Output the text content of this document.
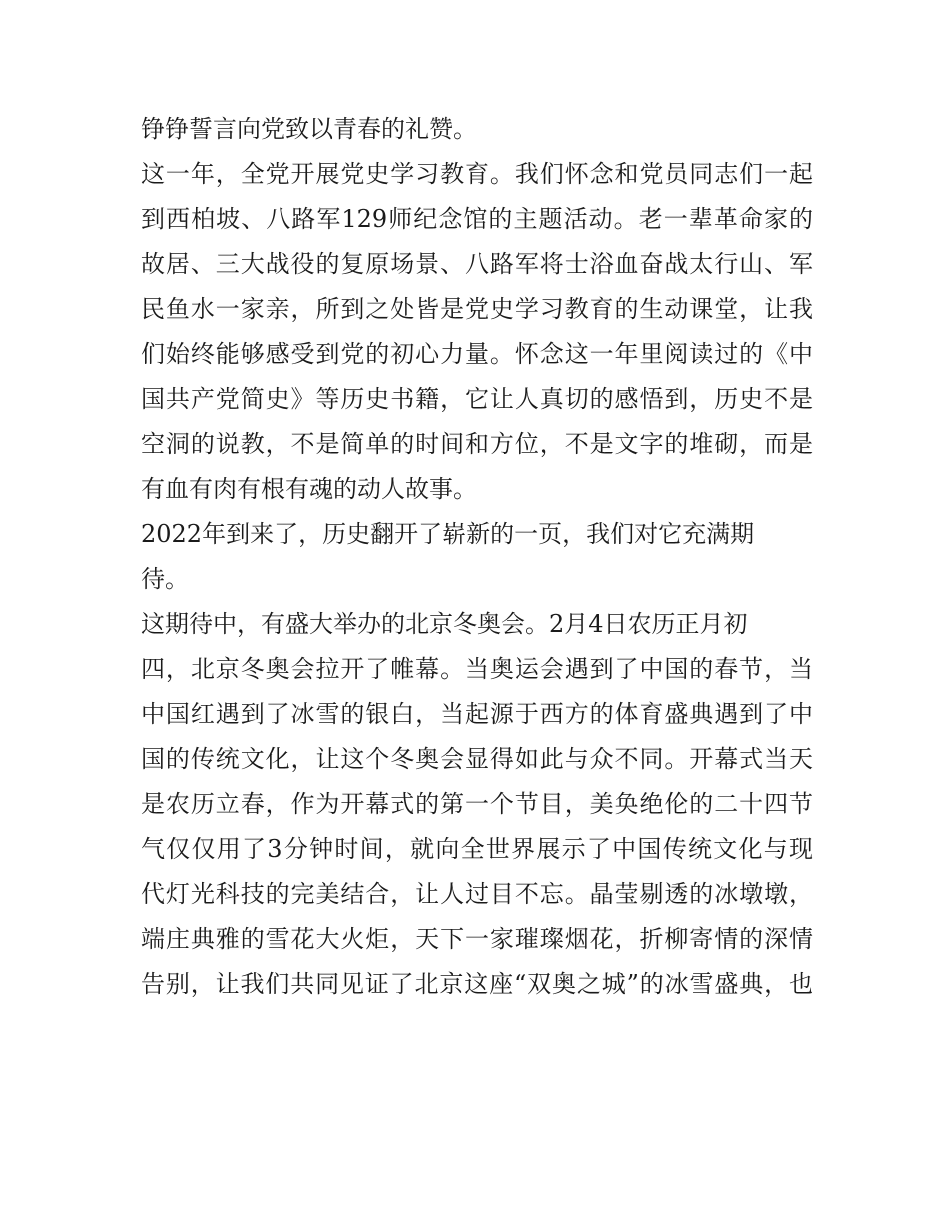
铮铮誓言向党致以青春的礼赞。
这一年，全党开展党史学习教育。我们怀念和党员同志们一起
到西柏坡、八路军129师纪念馆的主题活动。老一辈革命家的
故居、三大战役的复原场景、八路军将士浴血奋战太行山、军
民鱼水一家亲，所到之处皆是党史学习教育的生动课堂，让我
们始终能够感受到党的初心力量。怀念这一年里阅读过的《中
国共产党简史》等历史书籍，它让人真切的感悟到，历史不是
空洞的说教，不是简单的时间和方位，不是文字的堆砌，而是
有血有肉有根有魂的动人故事。
2022年到来了，历史翻开了崭新的一页，我们对它充满期
待。
这期待中，有盛大举办的北京冬奥会。2月4日农历正月初
四，北京冬奥会拉开了帷幕。当奥运会遇到了中国的春节，当
中国红遇到了冰雪的银白，当起源于西方的体育盛典遇到了中
国的传统文化，让这个冬奥会显得如此与众不同。开幕式当天
是农历立春，作为开幕式的第一个节目，美奂绝伦的二十四节
气仅仅用了3分钟时间，就向全世界展示了中国传统文化与现
代灯光科技的完美结合，让人过目不忘。晶莹剔透的冰墩墩，
端庄典雅的雪花大火炬，天下一家璀璨烟花，折柳寄情的深情
告别，让我们共同见证了北京这座“双奥之城”的冰雪盛典，也
